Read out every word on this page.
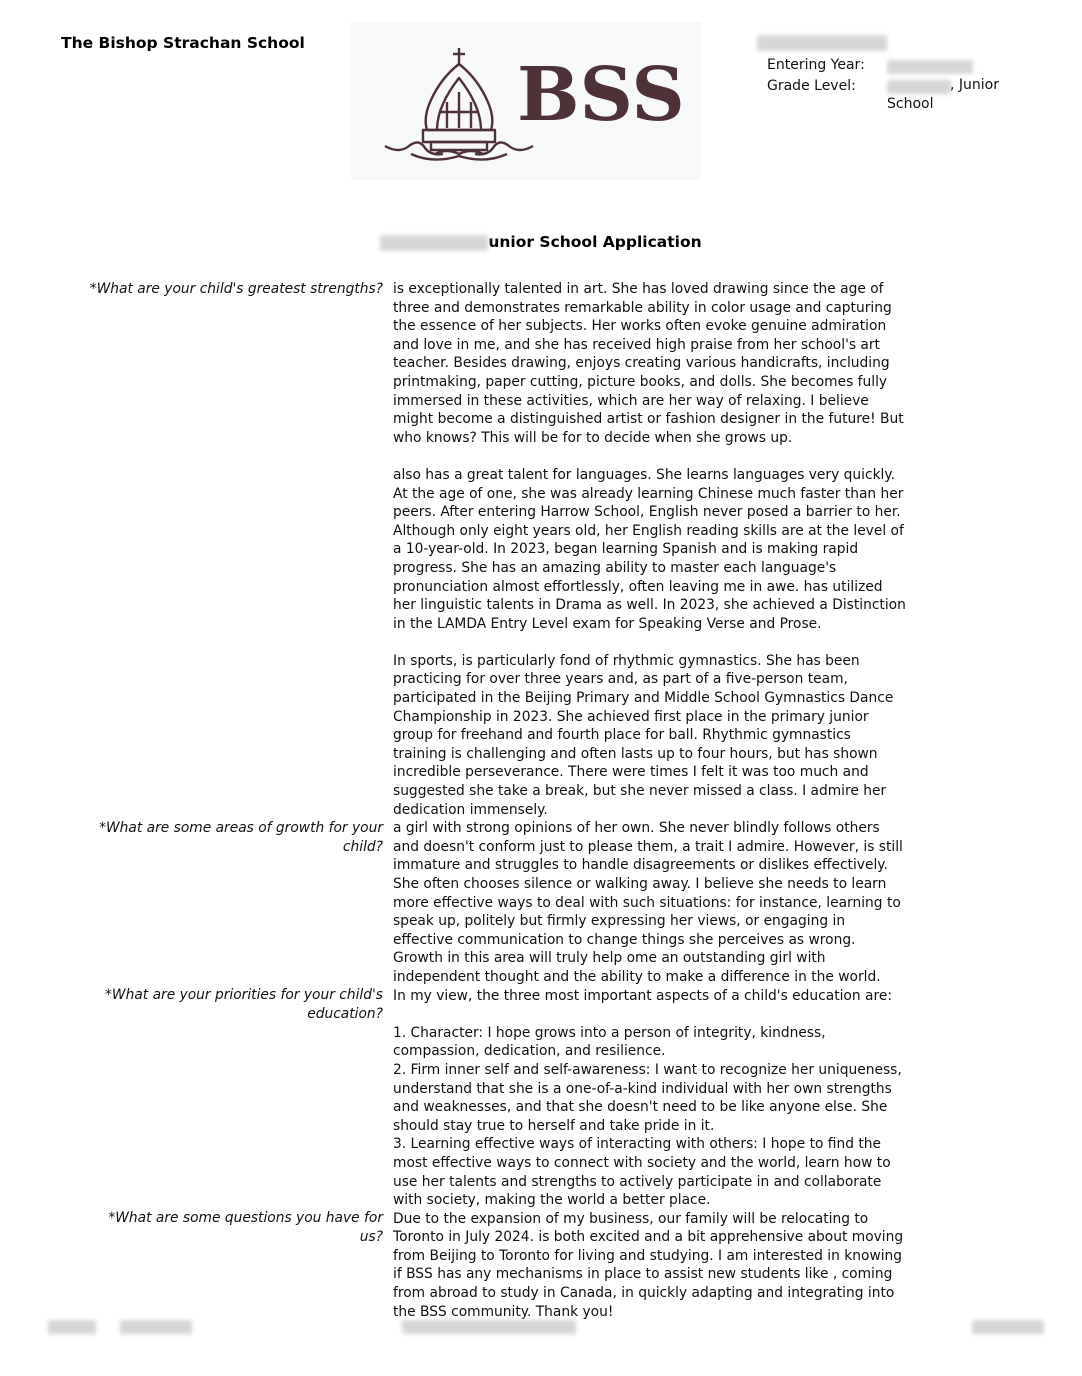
The Bishop Strachan School
BSS	Entering Year:
Grade Level:	, Junior
School
unior School Application
*What are your child's greatest strengths?
*What are some areas of growth for your child?
*What are your priorities for your child's education?
*What are some questions you have for us?

is exceptionally talented in art. She has loved drawing since the age of three and demonstrates remarkable ability in color usage and capturing the essence of her subjects. Her works often evoke genuine admiration and love in me, and she has received high praise from her school's art teacher. Besides drawing, enjoys creating various handicrafts, including printmaking, paper cutting, picture books, and dolls. She becomes fully immersed in these activities, which are her way of relaxing. I believe might become a distinguished artist or fashion designer in the future! But who knows? This will be for to decide when she grows up.

also has a great talent for languages. She learns languages very quickly. At the age of one, she was already learning Chinese much faster than her peers. After entering Harrow School, English never posed a barrier to her. Although only eight years old, her English reading skills are at the level of a 10-year-old. In 2023, began learning Spanish and is making rapid progress. She has an amazing ability to master each language's pronunciation almost effortlessly, often leaving me in awe. has utilized her linguistic talents in Drama as well. In 2023, she achieved a Distinction in the LAMDA Entry Level exam for Speaking Verse and Prose.

In sports, is particularly fond of rhythmic gymnastics. She has been practicing for over three years and, as part of a five-person team, participated in the Beijing Primary and Middle School Gymnastics Dance Championship in 2023. She achieved first place in the primary junior group for freehand and fourth place for ball. Rhythmic gymnastics training is challenging and often lasts up to four hours, but has shown incredible perseverance. There were times I felt it was too much and suggested she take a break, but she never missed a class. I admire her dedication immensely.

a girl with strong opinions of her own. She never blindly follows others and doesn't conform just to please them, a trait I admire. However, is still immature and struggles to handle disagreements or dislikes effectively. She often chooses silence or walking away. I believe she needs to learn more effective ways to deal with such situations: for instance, learning to speak up, politely but firmly expressing her views, or engaging in effective communication to change things she perceives as wrong. Growth in this area will truly help ome an outstanding girl with independent thought and the ability to make a difference in the world.

In my view, the three most important aspects of a child's education are:

1. Character: I hope grows into a person of integrity, kindness, compassion, dedication, and resilience.
2. Firm inner self and self-awareness: I want to recognize her uniqueness, understand that she is a one-of-a-kind individual with her own strengths and weaknesses, and that she doesn't need to be like anyone else. She should stay true to herself and take pride in it.
3. Learning effective ways of interacting with others: I hope to find the most effective ways to connect with society and the world, learn how to use her talents and strengths to actively participate in and collaborate with society, making the world a better place.

Due to the expansion of my business, our family will be relocating to Toronto in July 2024. is both excited and a bit apprehensive about moving from Beijing to Toronto for living and studying. I am interested in knowing if BSS has any mechanisms in place to assist new students like , coming from abroad to study in Canada, in quickly adapting and integrating into the BSS community. Thank you!
